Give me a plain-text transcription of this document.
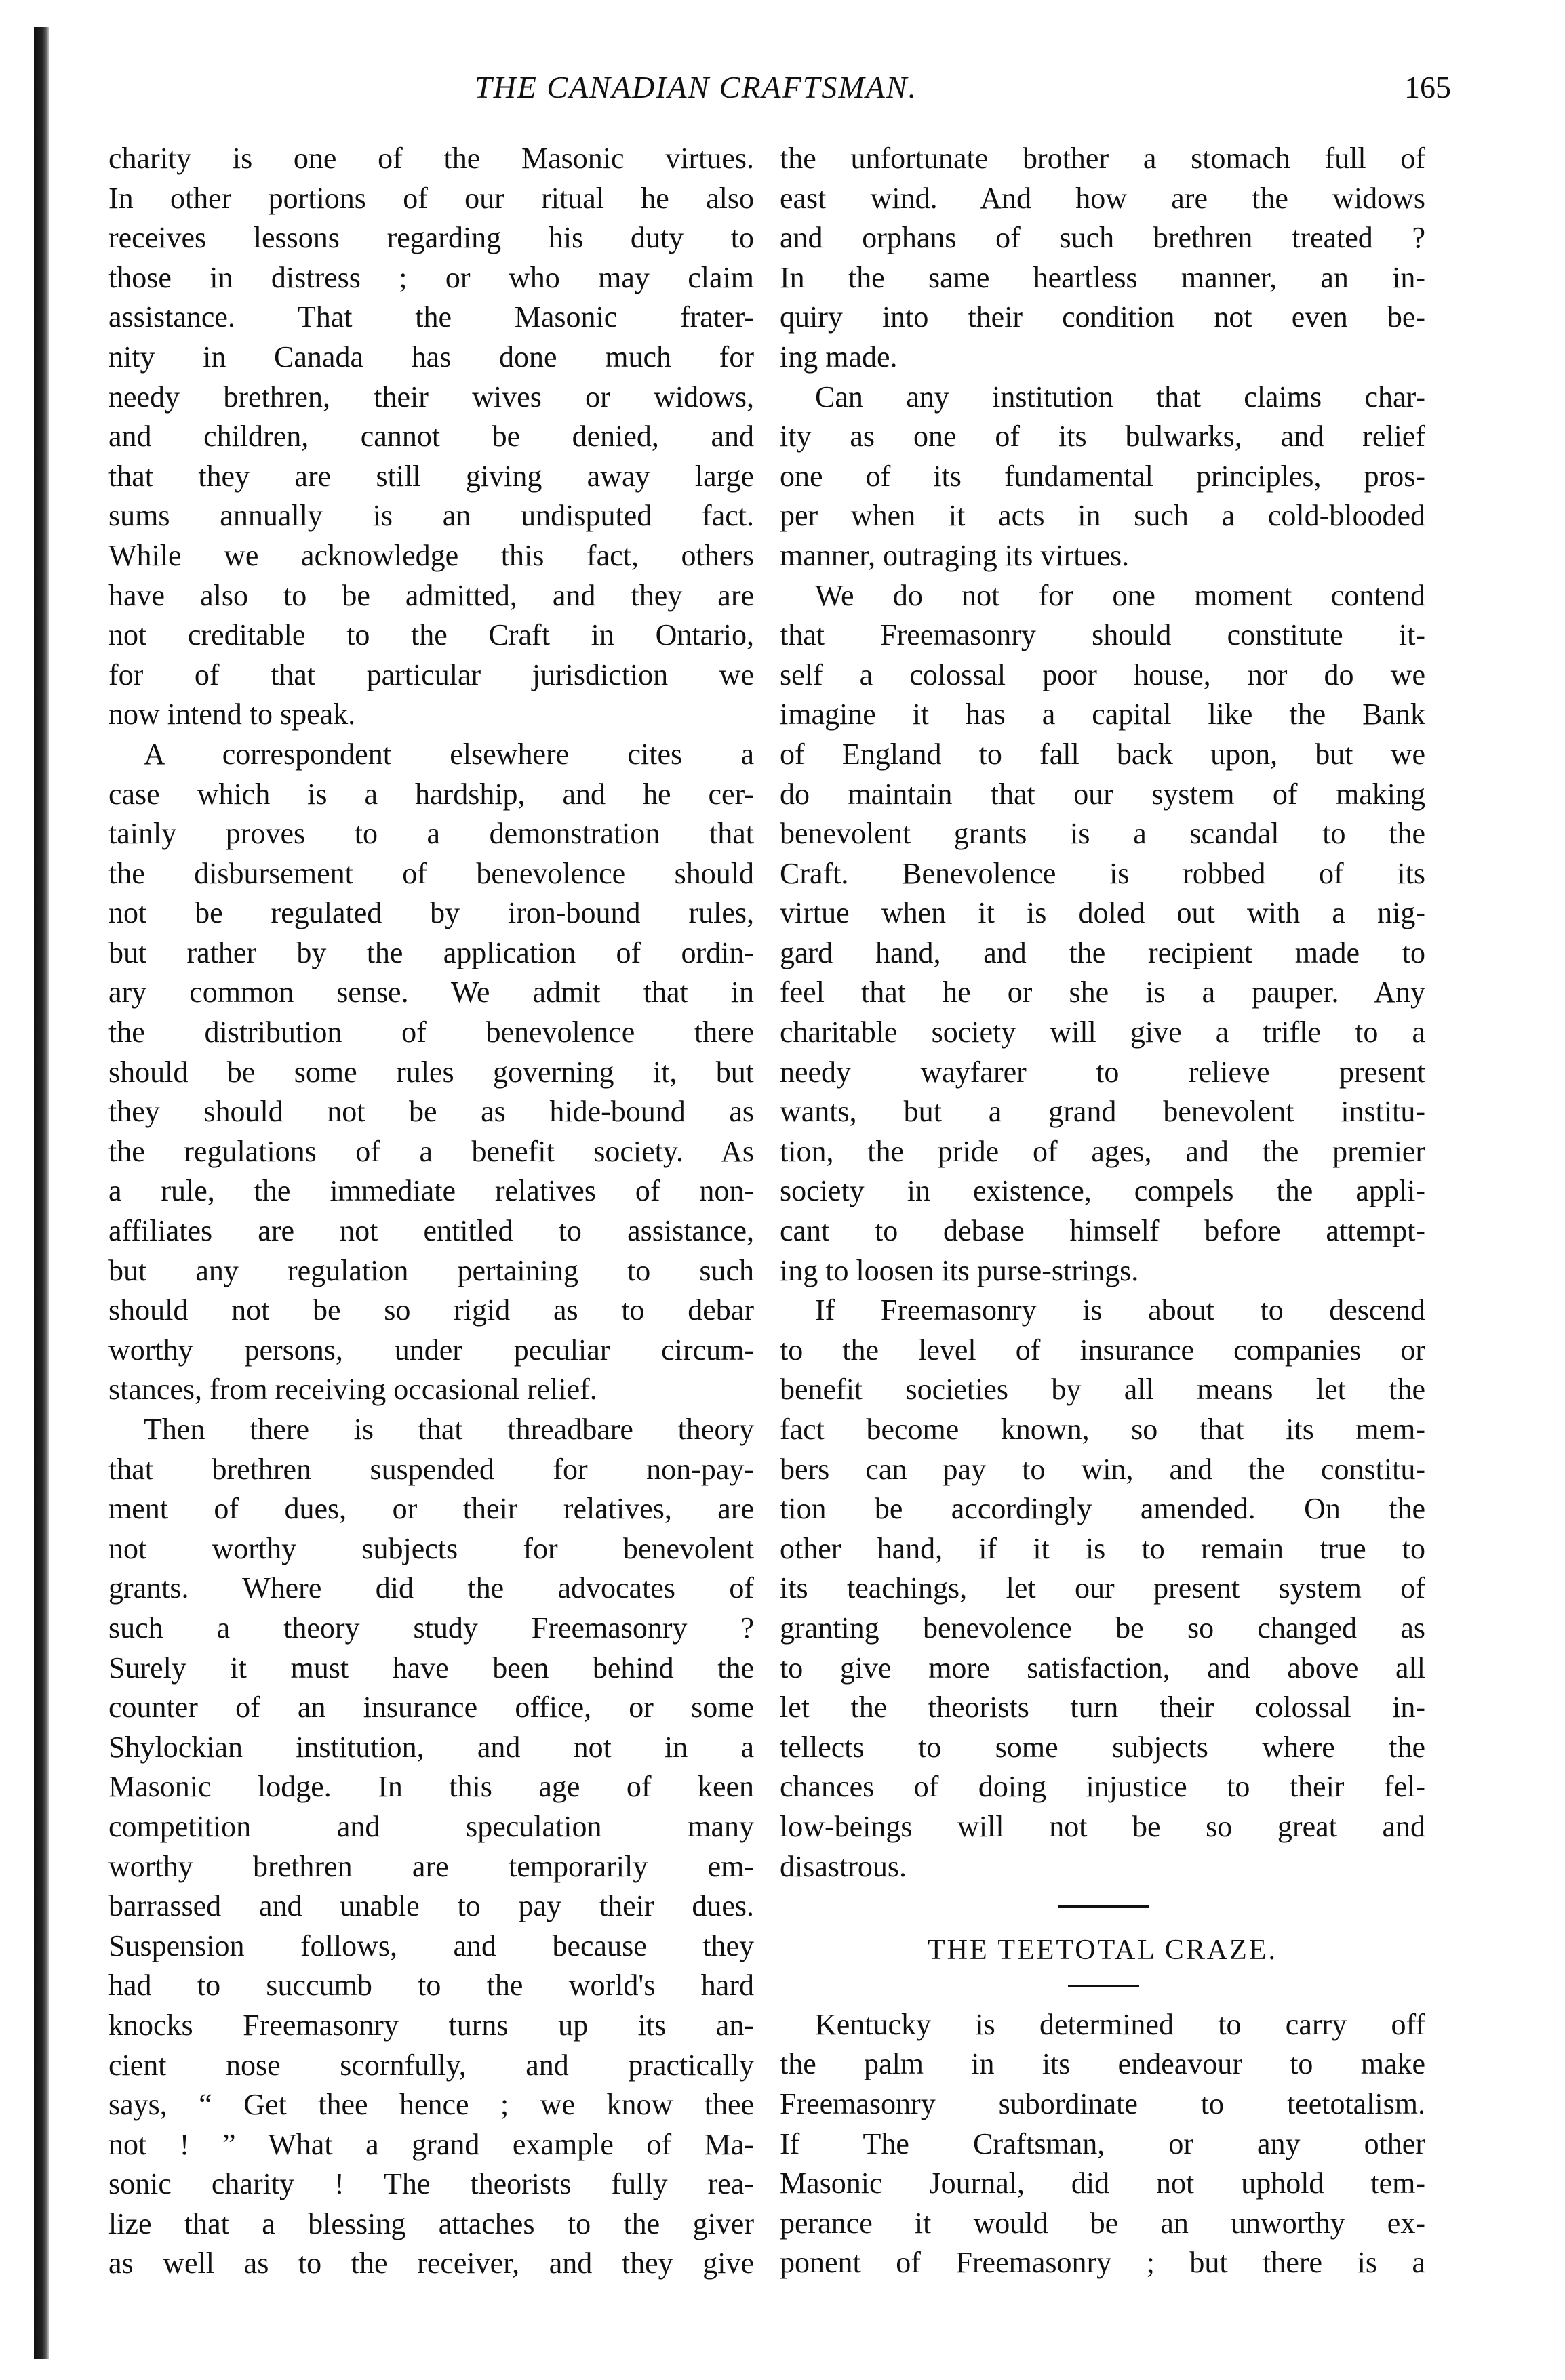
THE CANADIAN CRAFTSMAN.	165
charity is one of the Masonic virtues.
In other portions of our ritual he also
receives lessons regarding his duty to
those in distress ; or who may claim
assistance. That the Masonic frater-
nity in Canada has done much for
needy brethren, their wives or widows,
and children, cannot be denied, and
that they are still giving away large
sums annually is an undisputed fact.
While we acknowledge this fact, others
have also to be admitted, and they are
not creditable to the Craft in Ontario,
for of that particular jurisdiction we
now intend to speak.
A correspondent elsewhere cites a
case which is a hardship, and he cer-
tainly proves to a demonstration that
the disbursement of benevolence should
not be regulated by iron-bound rules,
but rather by the application of ordin-
ary common sense. We admit that in
the distribution of benevolence there
should be some rules governing it, but
they should not be as hide-bound as
the regulations of a benefit society. As
a rule, the immediate relatives of non-
affiliates are not entitled to assistance,
but any regulation pertaining to such
should not be so rigid as to debar
worthy persons, under peculiar circum-
stances, from receiving occasional relief.
Then there is that threadbare theory
that brethren suspended for non-pay-
ment of dues, or their relatives, are
not worthy subjects for benevolent
grants. Where did the advocates of
such a theory study Freemasonry ?
Surely it must have been behind the
counter of an insurance office, or some
Shylockian institution, and not in a
Masonic lodge. In this age of keen
competition and speculation many
worthy brethren are temporarily em-
barrassed and unable to pay their dues.
Suspension follows, and because they
had to succumb to the world's hard
knocks Freemasonry turns up its an-
cient nose scornfully, and practically
says, “ Get thee hence ; we know thee
not ! ” What a grand example of Ma-
sonic charity ! The theorists fully rea-
lize that a blessing attaches to the giver
as well as to the receiver, and they give
the unfortunate brother a stomach full of
east wind. And how are the widows
and orphans of such brethren treated ?
In the same heartless manner, an in-
quiry into their condition not even be-
ing made.
Can any institution that claims char-
ity as one of its bulwarks, and relief
one of its fundamental principles, pros-
per when it acts in such a cold-blooded
manner, outraging its virtues.
We do not for one moment contend
that Freemasonry should constitute it-
self a colossal poor house, nor do we
imagine it has a capital like the Bank
of England to fall back upon, but we
do maintain that our system of making
benevolent grants is a scandal to the
Craft. Benevolence is robbed of its
virtue when it is doled out with a nig-
gard hand, and the recipient made to
feel that he or she is a pauper. Any
charitable society will give a trifle to a
needy wayfarer to relieve present
wants, but a grand benevolent institu-
tion, the pride of ages, and the premier
society in existence, compels the appli-
cant to debase himself before attempt-
ing to loosen its purse-strings.
If Freemasonry is about to descend
to the level of insurance companies or
benefit societies by all means let the
fact become known, so that its mem-
bers can pay to win, and the constitu-
tion be accordingly amended. On the
other hand, if it is to remain true to
its teachings, let our present system of
granting benevolence be so changed as
to give more satisfaction, and above all
let the theorists turn their colossal in-
tellects to some subjects where the
chances of doing injustice to their fel-
low-beings will not be so great and
disastrous.
THE TEETOTAL CRAZE.
Kentucky is determined to carry off
the palm in its endeavour to make
Freemasonry subordinate to teetotalism.
If The Craftsman, or any other
Masonic Journal, did not uphold tem-
perance it would be an unworthy ex-
ponent of Freemasonry ; but there is a
